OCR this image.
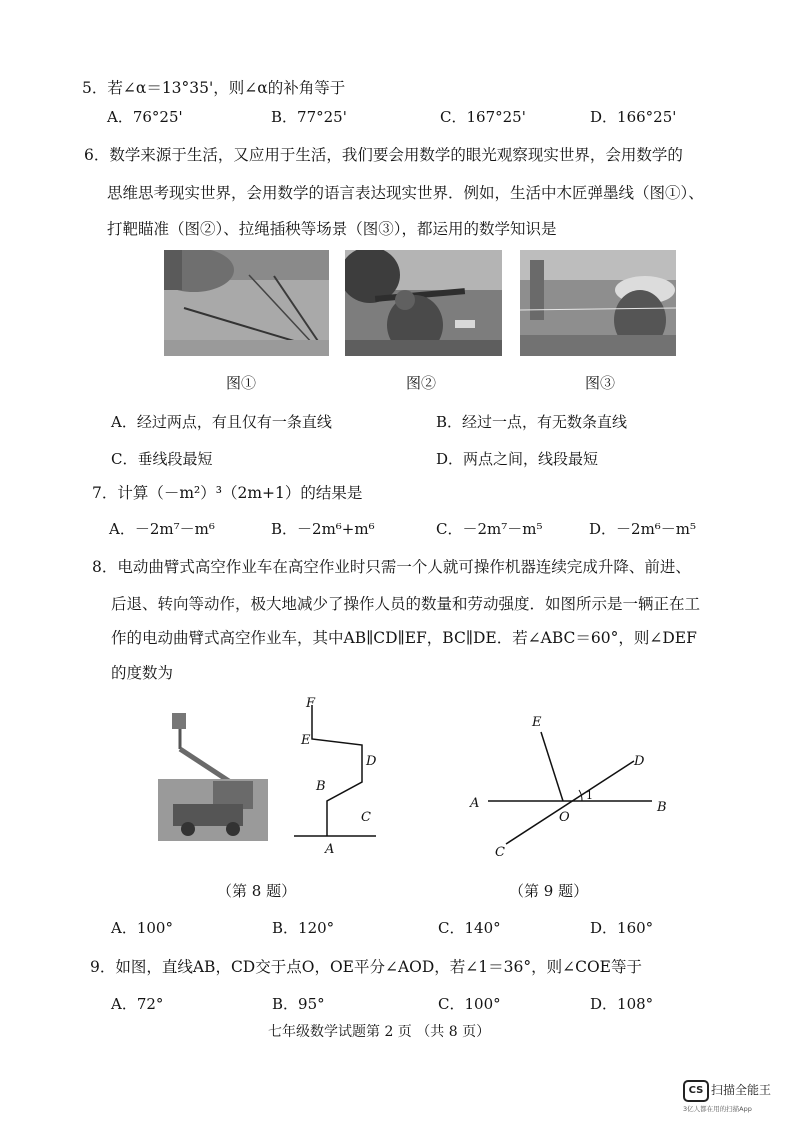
5．若∠α＝13°35'，则∠α的补角等于
A．76°25'	B．77°25'	C．167°25'	D．166°25'
6．数学来源于生活，又应用于生活，我们要会用数学的眼光观察现实世界，会用数学的
思维思考现实世界，会用数学的语言表达现实世界．例如，生活中木匠弹墨线（图①）、
打靶瞄准（图②）、拉绳插秧等场景（图③），都运用的数学知识是
图①	图②	图③
A．经过两点，有且仅有一条直线	B．经过一点，有无数条直线
C．垂线段最短	D．两点之间，线段最短
7．计算（－m²）³（2m+1）的结果是
A．－2m⁷－m⁶	B．－2m⁶+m⁶	C．－2m⁷－m⁵	D．－2m⁶－m⁵
8．电动曲臂式高空作业车在高空作业时只需一个人就可操作机器连续完成升降、前进、
后退、转向等动作，极大地减少了操作人员的数量和劳动强度．如图所示是一辆正在工
作的电动曲臂式高空作业车，其中AB∥CD∥EF，BC∥DE．若∠ABC＝60°，则∠DEF
的度数为
F
E
D
B
C
A
E
D
A	B
O
C
1
（第 8 题）	（第 9 题）
A．100°	B．120°	C．140°	D．160°
9．如图，直线AB，CD交于点O，OE平分∠AOD，若∠1＝36°，则∠COE等于
A．72°	B．95°	C．100°	D．108°
七年级数学试题第 2 页 （共 8 页）
CS 扫描全能王
3亿人都在用的扫描App
